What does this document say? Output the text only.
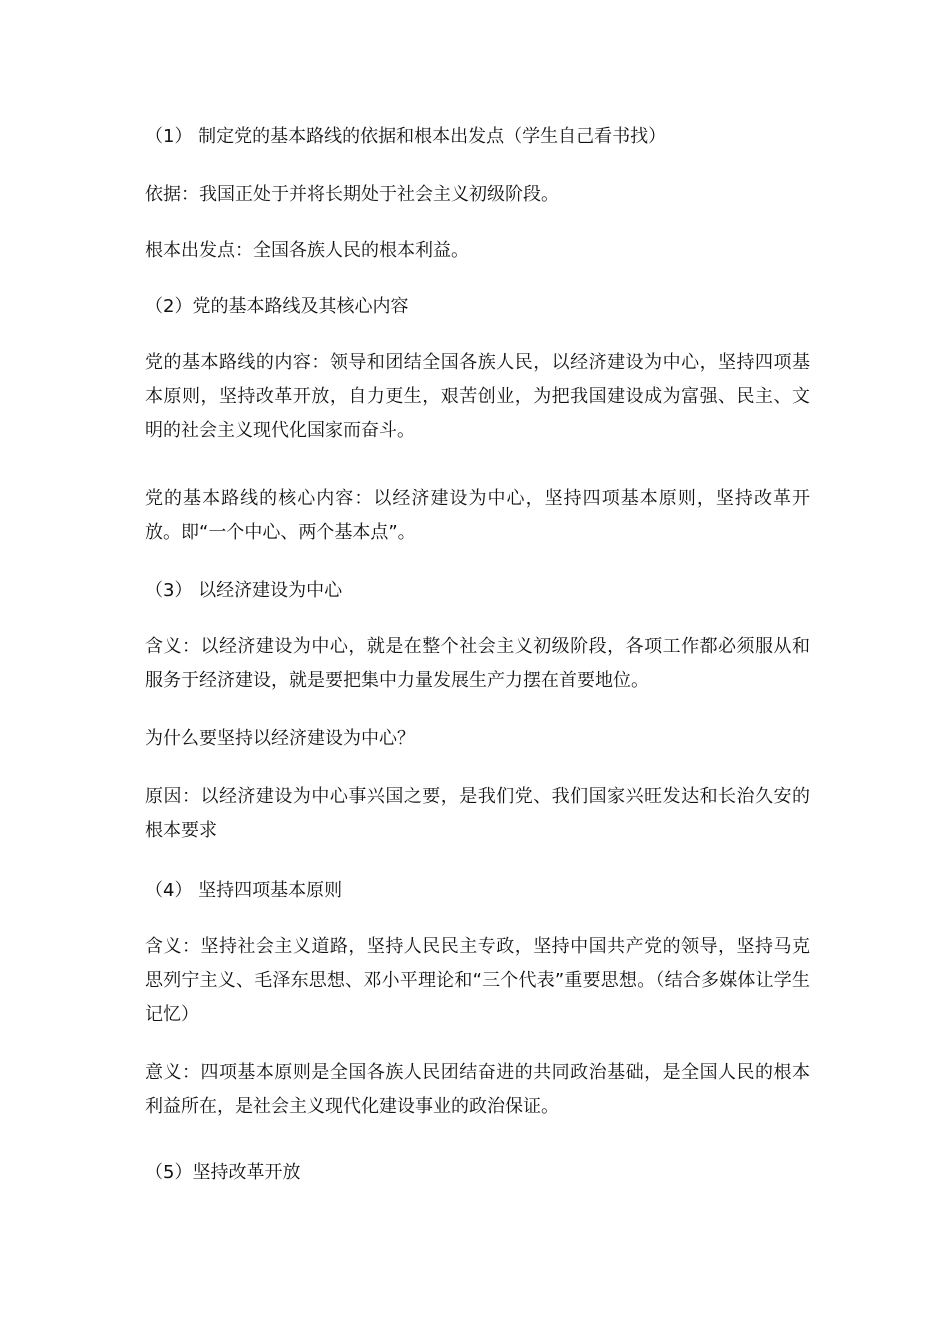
（1） 制定党的基本路线的依据和根本出发点（学生自己看书找）
依据：我国正处于并将长期处于社会主义初级阶段。
根本出发点：全国各族人民的根本利益。
（2）党的基本路线及其核心内容
党的基本路线的内容：领导和团结全国各族人民，以经济建设为中心，坚持四项基本原则，坚持改革开放，自力更生，艰苦创业，为把我国建设成为富强、民主、文明的社会主义现代化国家而奋斗。
党的基本路线的核心内容：以经济建设为中心，坚持四项基本原则，坚持改革开放。即“一个中心、两个基本点”。
（3） 以经济建设为中心
含义：以经济建设为中心，就是在整个社会主义初级阶段，各项工作都必须服从和服务于经济建设，就是要把集中力量发展生产力摆在首要地位。
为什么要坚持以经济建设为中心？
原因：以经济建设为中心事兴国之要，是我们党、我们国家兴旺发达和长治久安的根本要求
（4） 坚持四项基本原则
含义：坚持社会主义道路，坚持人民民主专政，坚持中国共产党的领导，坚持马克思列宁主义、毛泽东思想、邓小平理论和“三个代表”重要思想。（结合多媒体让学生记忆）
意义：四项基本原则是全国各族人民团结奋进的共同政治基础，是全国人民的根本利益所在，是社会主义现代化建设事业的政治保证。
（5）坚持改革开放
